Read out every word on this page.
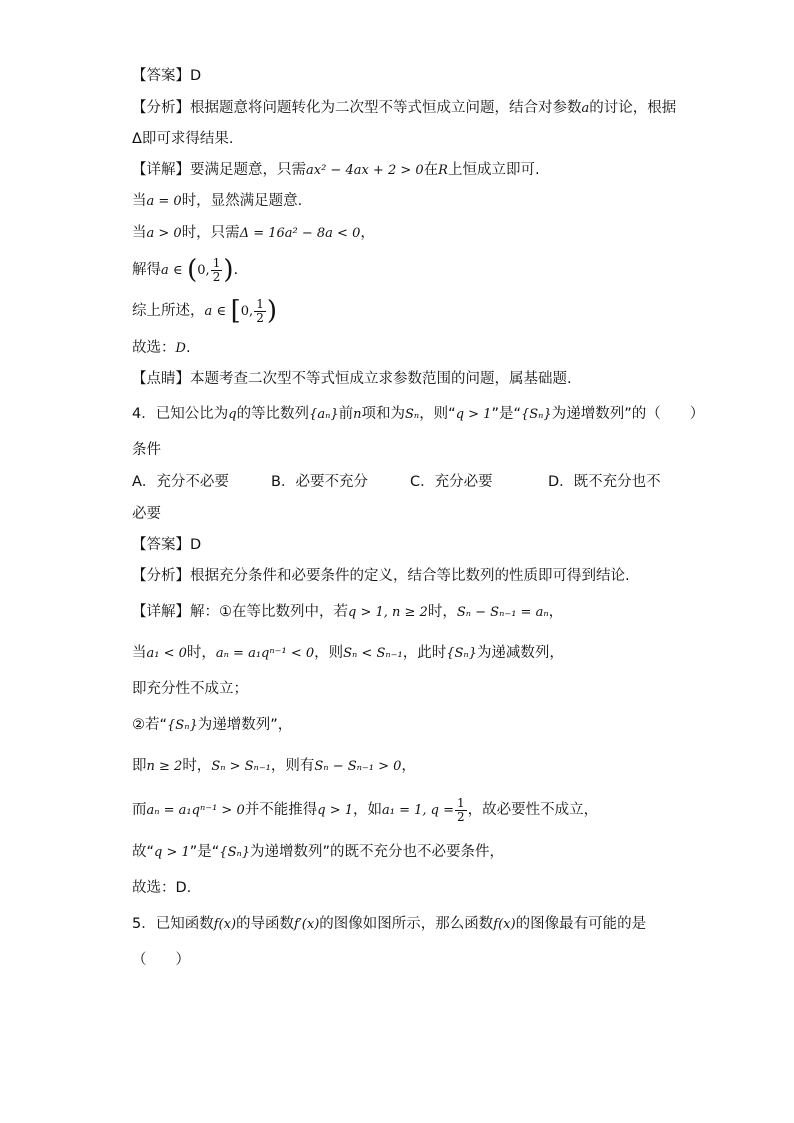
【答案】D
【分析】根据题意将问题转化为二次型不等式恒成立问题，结合对参数a的讨论，根据
Δ即可求得结果.
【详解】要满足题意，只需ax² − 4ax + 2 > 0在R上恒成立即可.
当a = 0时，显然满足题意.
当a > 0时，只需Δ = 16a² − 8a < 0，
解得a ∈ (0, $\frac{1}{2}$ ).
综上所述，a ∈ [0, $\frac{1}{2}$ )
故选：D.
【点睛】本题考查二次型不等式恒成立求参数范围的问题，属基础题.
4．已知公比为q的等比数列{aₙ}前n项和为Sₙ，则“q > 1”是“{Sₙ}为递增数列”的（　　）
条件
A．充分不必要	B．必要不充分	C．充分必要	D．既不充分也不
必要
【答案】D
【分析】根据充分条件和必要条件的定义，结合等比数列的性质即可得到结论.
【详解】解：①在等比数列中，若q > 1, n ≥ 2时，Sₙ − Sₙ₋₁ = aₙ，
当a₁ < 0时，aₙ = a₁qⁿ⁻¹ < 0，则Sₙ < Sₙ₋₁，此时{Sₙ}为递减数列，
即充分性不成立；
②若“{Sₙ}为递增数列”，
即n ≥ 2时，Sₙ > Sₙ₋₁，则有Sₙ − Sₙ₋₁ > 0，
而aₙ = a₁qⁿ⁻¹ > 0并不能推得q > 1，如a₁ = 1, $q = \frac{1}{2}$ ，故必要性不成立，
故“q > 1”是“{Sₙ}为递增数列”的既不充分也不必要条件，
故选：D.
5．已知函数f(x)的导函数f′(x)的图像如图所示，那么函数f(x)的图像最有可能的是
（　　）
